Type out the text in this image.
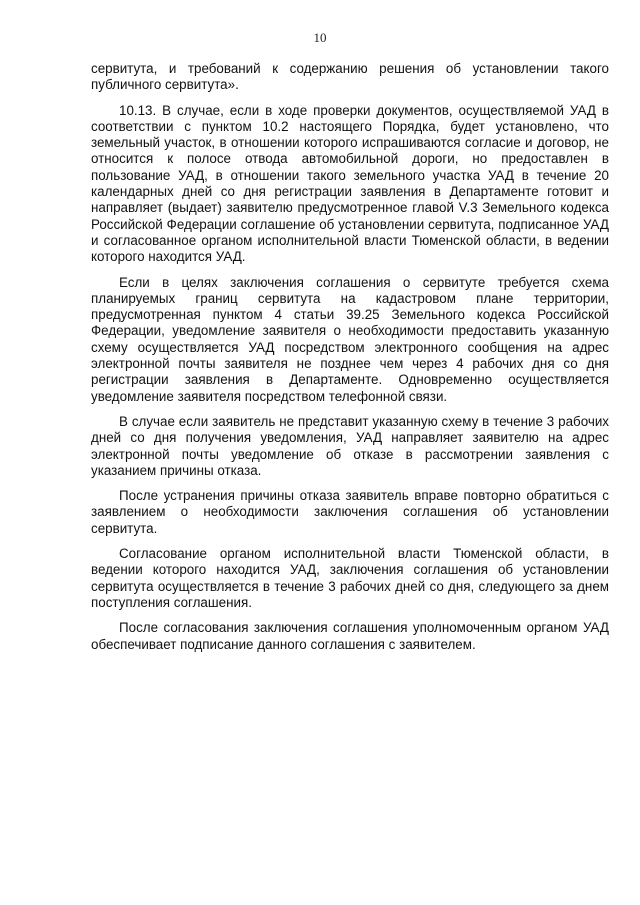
10

сервитута, и требований к содержанию решения об установлении такого публичного сервитута».

10.13. В случае, если в ходе проверки документов, осуществляемой УАД в соответствии с пунктом 10.2 настоящего Порядка, будет установлено, что земельный участок, в отношении которого испрашиваются согласие и договор, не относится к полосе отвода автомобильной дороги, но предоставлен в пользование УАД, в отношении такого земельного участка УАД в течение 20 календарных дней со дня регистрации заявления в Департаменте готовит и направляет (выдает) заявителю предусмотренное главой V.3 Земельного кодекса Российской Федерации соглашение об установлении сервитута, подписанное УАД и согласованное органом исполнительной власти Тюменской области, в ведении которого находится УАД.

Если в целях заключения соглашения о сервитуте требуется схема планируемых границ сервитута на кадастровом плане территории, предусмотренная пунктом 4 статьи 39.25 Земельного кодекса Российской Федерации, уведомление заявителя о необходимости предоставить указанную схему осуществляется УАД посредством электронного сообщения на адрес электронной почты заявителя не позднее чем через 4 рабочих дня со дня регистрации заявления в Департаменте. Одновременно осуществляется уведомление заявителя посредством телефонной связи.

В случае если заявитель не представит указанную схему в течение 3 рабочих дней со дня получения уведомления, УАД направляет заявителю на адрес электронной почты уведомление об отказе в рассмотрении заявления с указанием причины отказа.

После устранения причины отказа заявитель вправе повторно обратиться с заявлением о необходимости заключения соглашения об установлении сервитута.

Согласование органом исполнительной власти Тюменской области, в ведении которого находится УАД, заключения соглашения об установлении сервитута осуществляется в течение 3 рабочих дней со дня, следующего за днем поступления соглашения.

После согласования заключения соглашения уполномоченным органом УАД обеспечивает подписание данного соглашения с заявителем.
